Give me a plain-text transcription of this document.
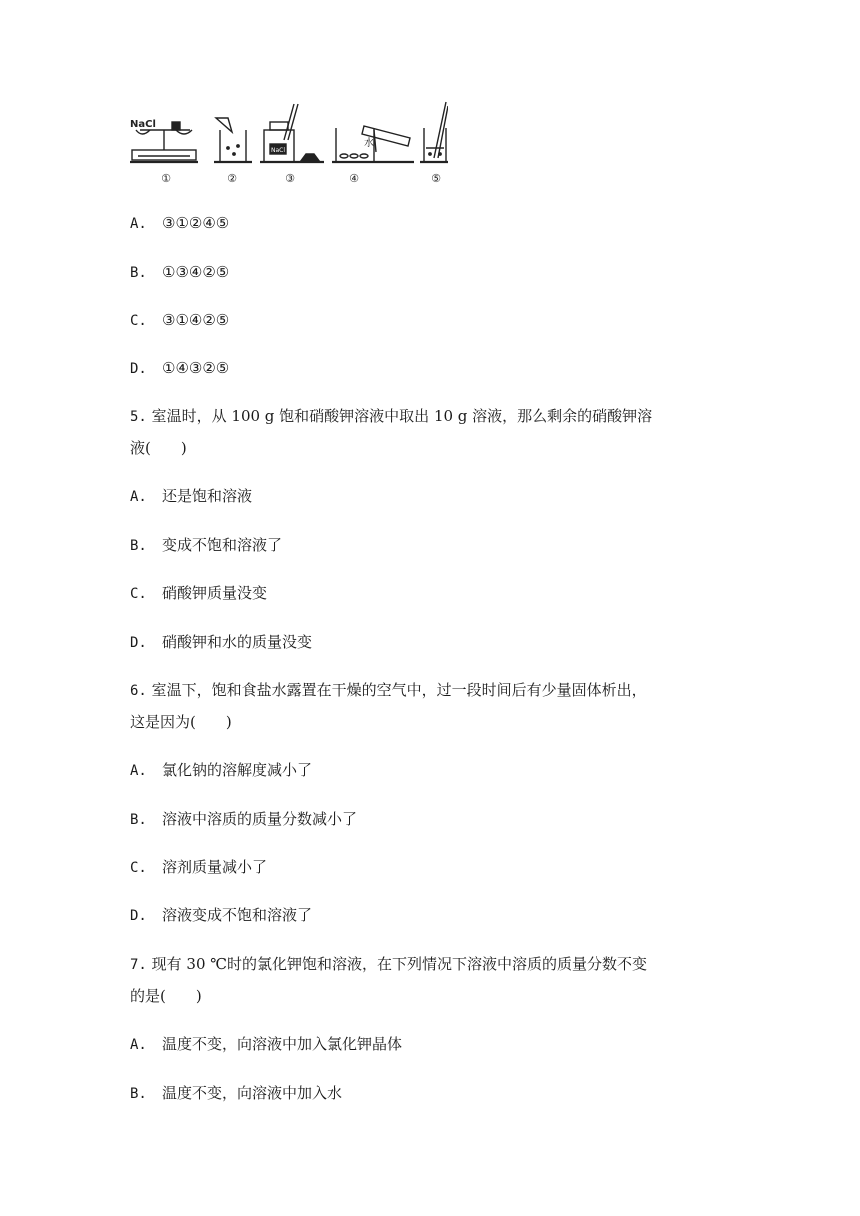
NaCl
NaCl
水
①	②	③	④	⑤
A. ③①②④⑤
B. ①③④②⑤
C. ③①④②⑤
D. ①④③②⑤
5. 室温时，从 100 g 饱和硝酸钾溶液中取出 10 g 溶液，那么剩余的硝酸钾溶
液(　　)
A. 还是饱和溶液
B. 变成不饱和溶液了
C. 硝酸钾质量没变
D. 硝酸钾和水的质量没变
6. 室温下，饱和食盐水露置在干燥的空气中，过一段时间后有少量固体析出，
这是因为(　　)
A. 氯化钠的溶解度减小了
B. 溶液中溶质的质量分数减小了
C. 溶剂质量减小了
D. 溶液变成不饱和溶液了
7. 现有 30 ℃时的氯化钾饱和溶液，在下列情况下溶液中溶质的质量分数不变
的是(　　)
A. 温度不变，向溶液中加入氯化钾晶体
B. 温度不变，向溶液中加入水
